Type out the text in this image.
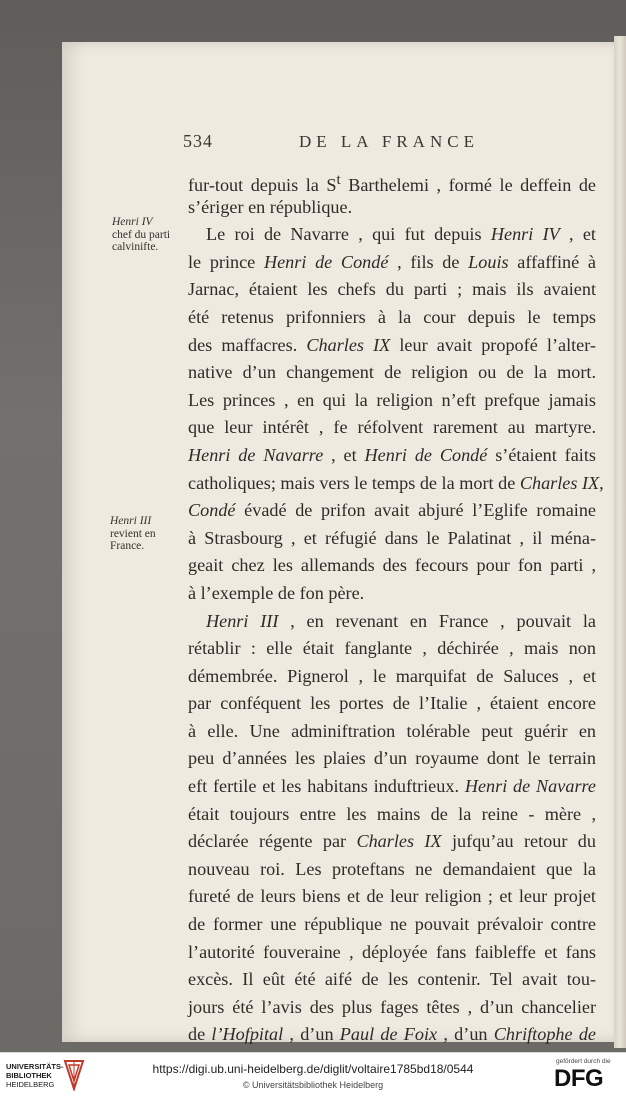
534	DE LA FRANCE
Henri IV
chef du parti
calvinifte.
Henri III
revient en
France.
fur-tout depuis la $S^t$ Barthelemi , formé le deffein de
s’ériger en république.
Le roi de Navarre , qui fut depuis Henri IV , et
le prince Henri de Condé , fils de Louis affaffiné à
Jarnac, étaient les chefs du parti ; mais ils avaient
été retenus prifonniers à la cour depuis le temps
des maffacres. Charles IX leur avait propofé l’alter-
native d’un changement de religion ou de la mort.
Les princes , en qui la religion n’eft prefque jamais
que leur intérêt , fe réfolvent rarement au martyre.
Henri de Navarre , et Henri de Condé s’étaient faits
catholiques; mais vers le temps de la mort de Charles IX
Condé évadé de prifon avait abjuré l’Eglife romaine
à Strasbourg , et réfugié dans le Palatinat , il ména-
geait chez les allemands des fecours pour fon parti ,
à l’exemple de fon père.
Henri III , en revenant en France , pouvait la
rétablir : elle était fanglante , déchirée , mais non
démembrée. Pignerol , le marquifat de Saluces , et
par conféquent les portes de l’Italie , étaient encore
à elle. Une adminiftration tolérable peut guérir en
peu d’années les plaies d’un royaume dont le terrain
eft fertile et les habitans induftrieux. Henri de Navarre
était toujours entre les mains de la reine - mère ,
déclarée régente par Charles IX jufqu’au retour du
nouveau roi. Les proteftans ne demandaient que la
fureté de leurs biens et de leur religion ; et leur projet
de former une république ne pouvait prévaloir contre
l’autorité fouveraine , déployée fans faibleffe et fans
excès. Il eût été aifé de les contenir. Tel avait tou-
jours été l’avis des plus fages têtes , d’un chancelier
de l’Hofpital , d’un Paul de Foix , d’un Chriftophe de
UNIVERSITÄTS-
BIBLIOTHEK
HEIDELBERG
https://digi.ub.uni-heidelberg.de/diglit/voltaire1785bd18/0544
© Universitätsbibliothek Heidelberg
gefördert durch die
DFG
